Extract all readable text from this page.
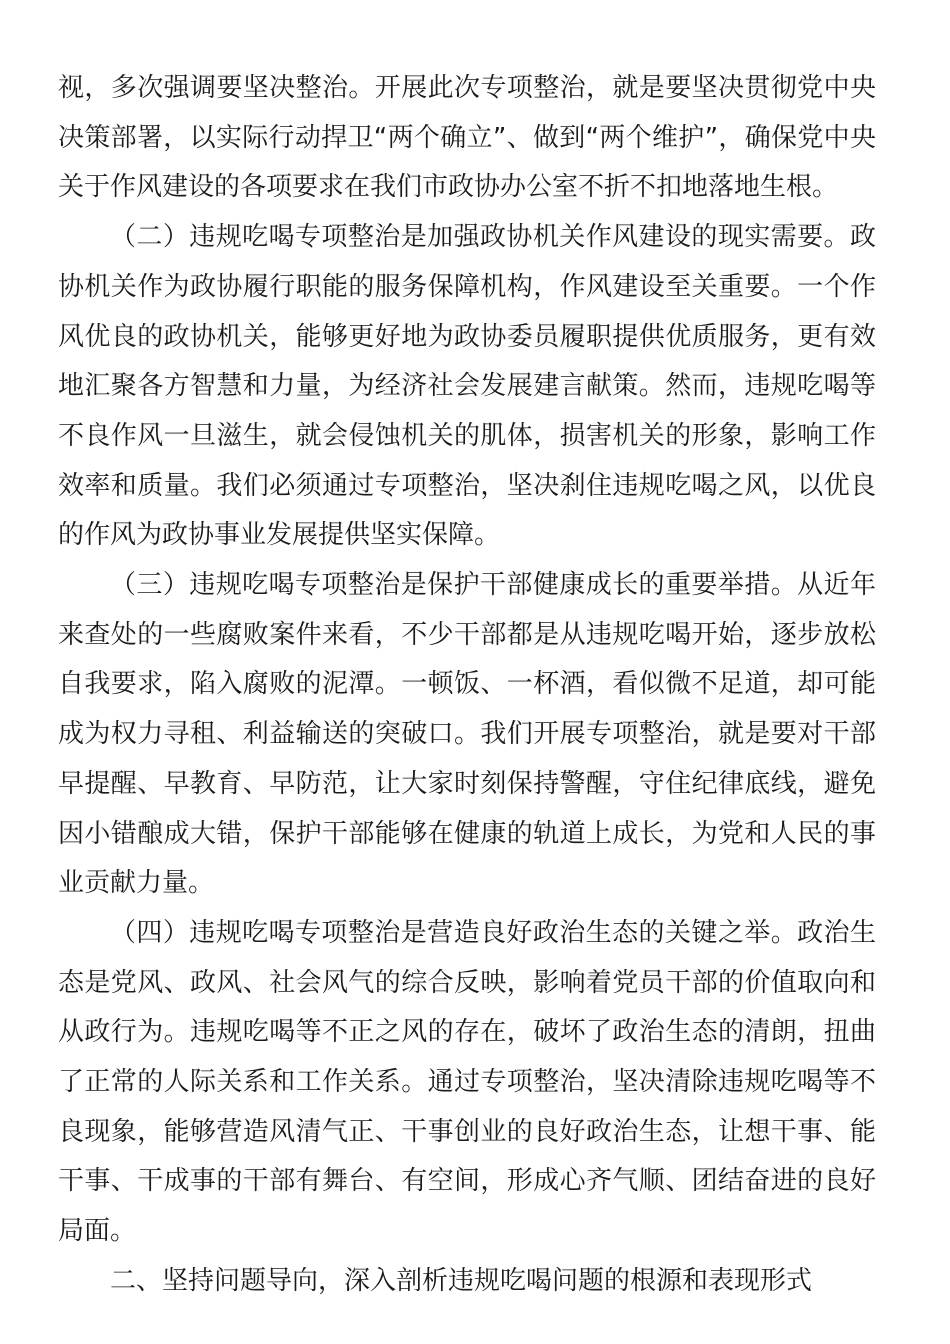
视，多次强调要坚决整治。开展此次专项整治，就是要坚决贯彻党中央决策部署，以实际行动捍卫“两个确立”、做到“两个维护”，确保党中央关于作风建设的各项要求在我们市政协办公室不折不扣地落地生根。

（二）违规吃喝专项整治是加强政协机关作风建设的现实需要。政协机关作为政协履行职能的服务保障机构，作风建设至关重要。一个作风优良的政协机关，能够更好地为政协委员履职提供优质服务，更有效地汇聚各方智慧和力量，为经济社会发展建言献策。然而，违规吃喝等不良作风一旦滋生，就会侵蚀机关的肌体，损害机关的形象，影响工作效率和质量。我们必须通过专项整治，坚决刹住违规吃喝之风，以优良的作风为政协事业发展提供坚实保障。

（三）违规吃喝专项整治是保护干部健康成长的重要举措。从近年来查处的一些腐败案件来看，不少干部都是从违规吃喝开始，逐步放松自我要求，陷入腐败的泥潭。一顿饭、一杯酒，看似微不足道，却可能成为权力寻租、利益输送的突破口。我们开展专项整治，就是要对干部早提醒、早教育、早防范，让大家时刻保持警醒，守住纪律底线，避免因小错酿成大错，保护干部能够在健康的轨道上成长，为党和人民的事业贡献力量。

（四）违规吃喝专项整治是营造良好政治生态的关键之举。政治生态是党风、政风、社会风气的综合反映，影响着党员干部的价值取向和从政行为。违规吃喝等不正之风的存在，破坏了政治生态的清朗，扭曲了正常的人际关系和工作关系。通过专项整治，坚决清除违规吃喝等不良现象，能够营造风清气正、干事创业的良好政治生态，让想干事、能干事、干成事的干部有舞台、有空间，形成心齐气顺、团结奋进的良好局面。

二、坚持问题导向，深入剖析违规吃喝问题的根源和表现形式
